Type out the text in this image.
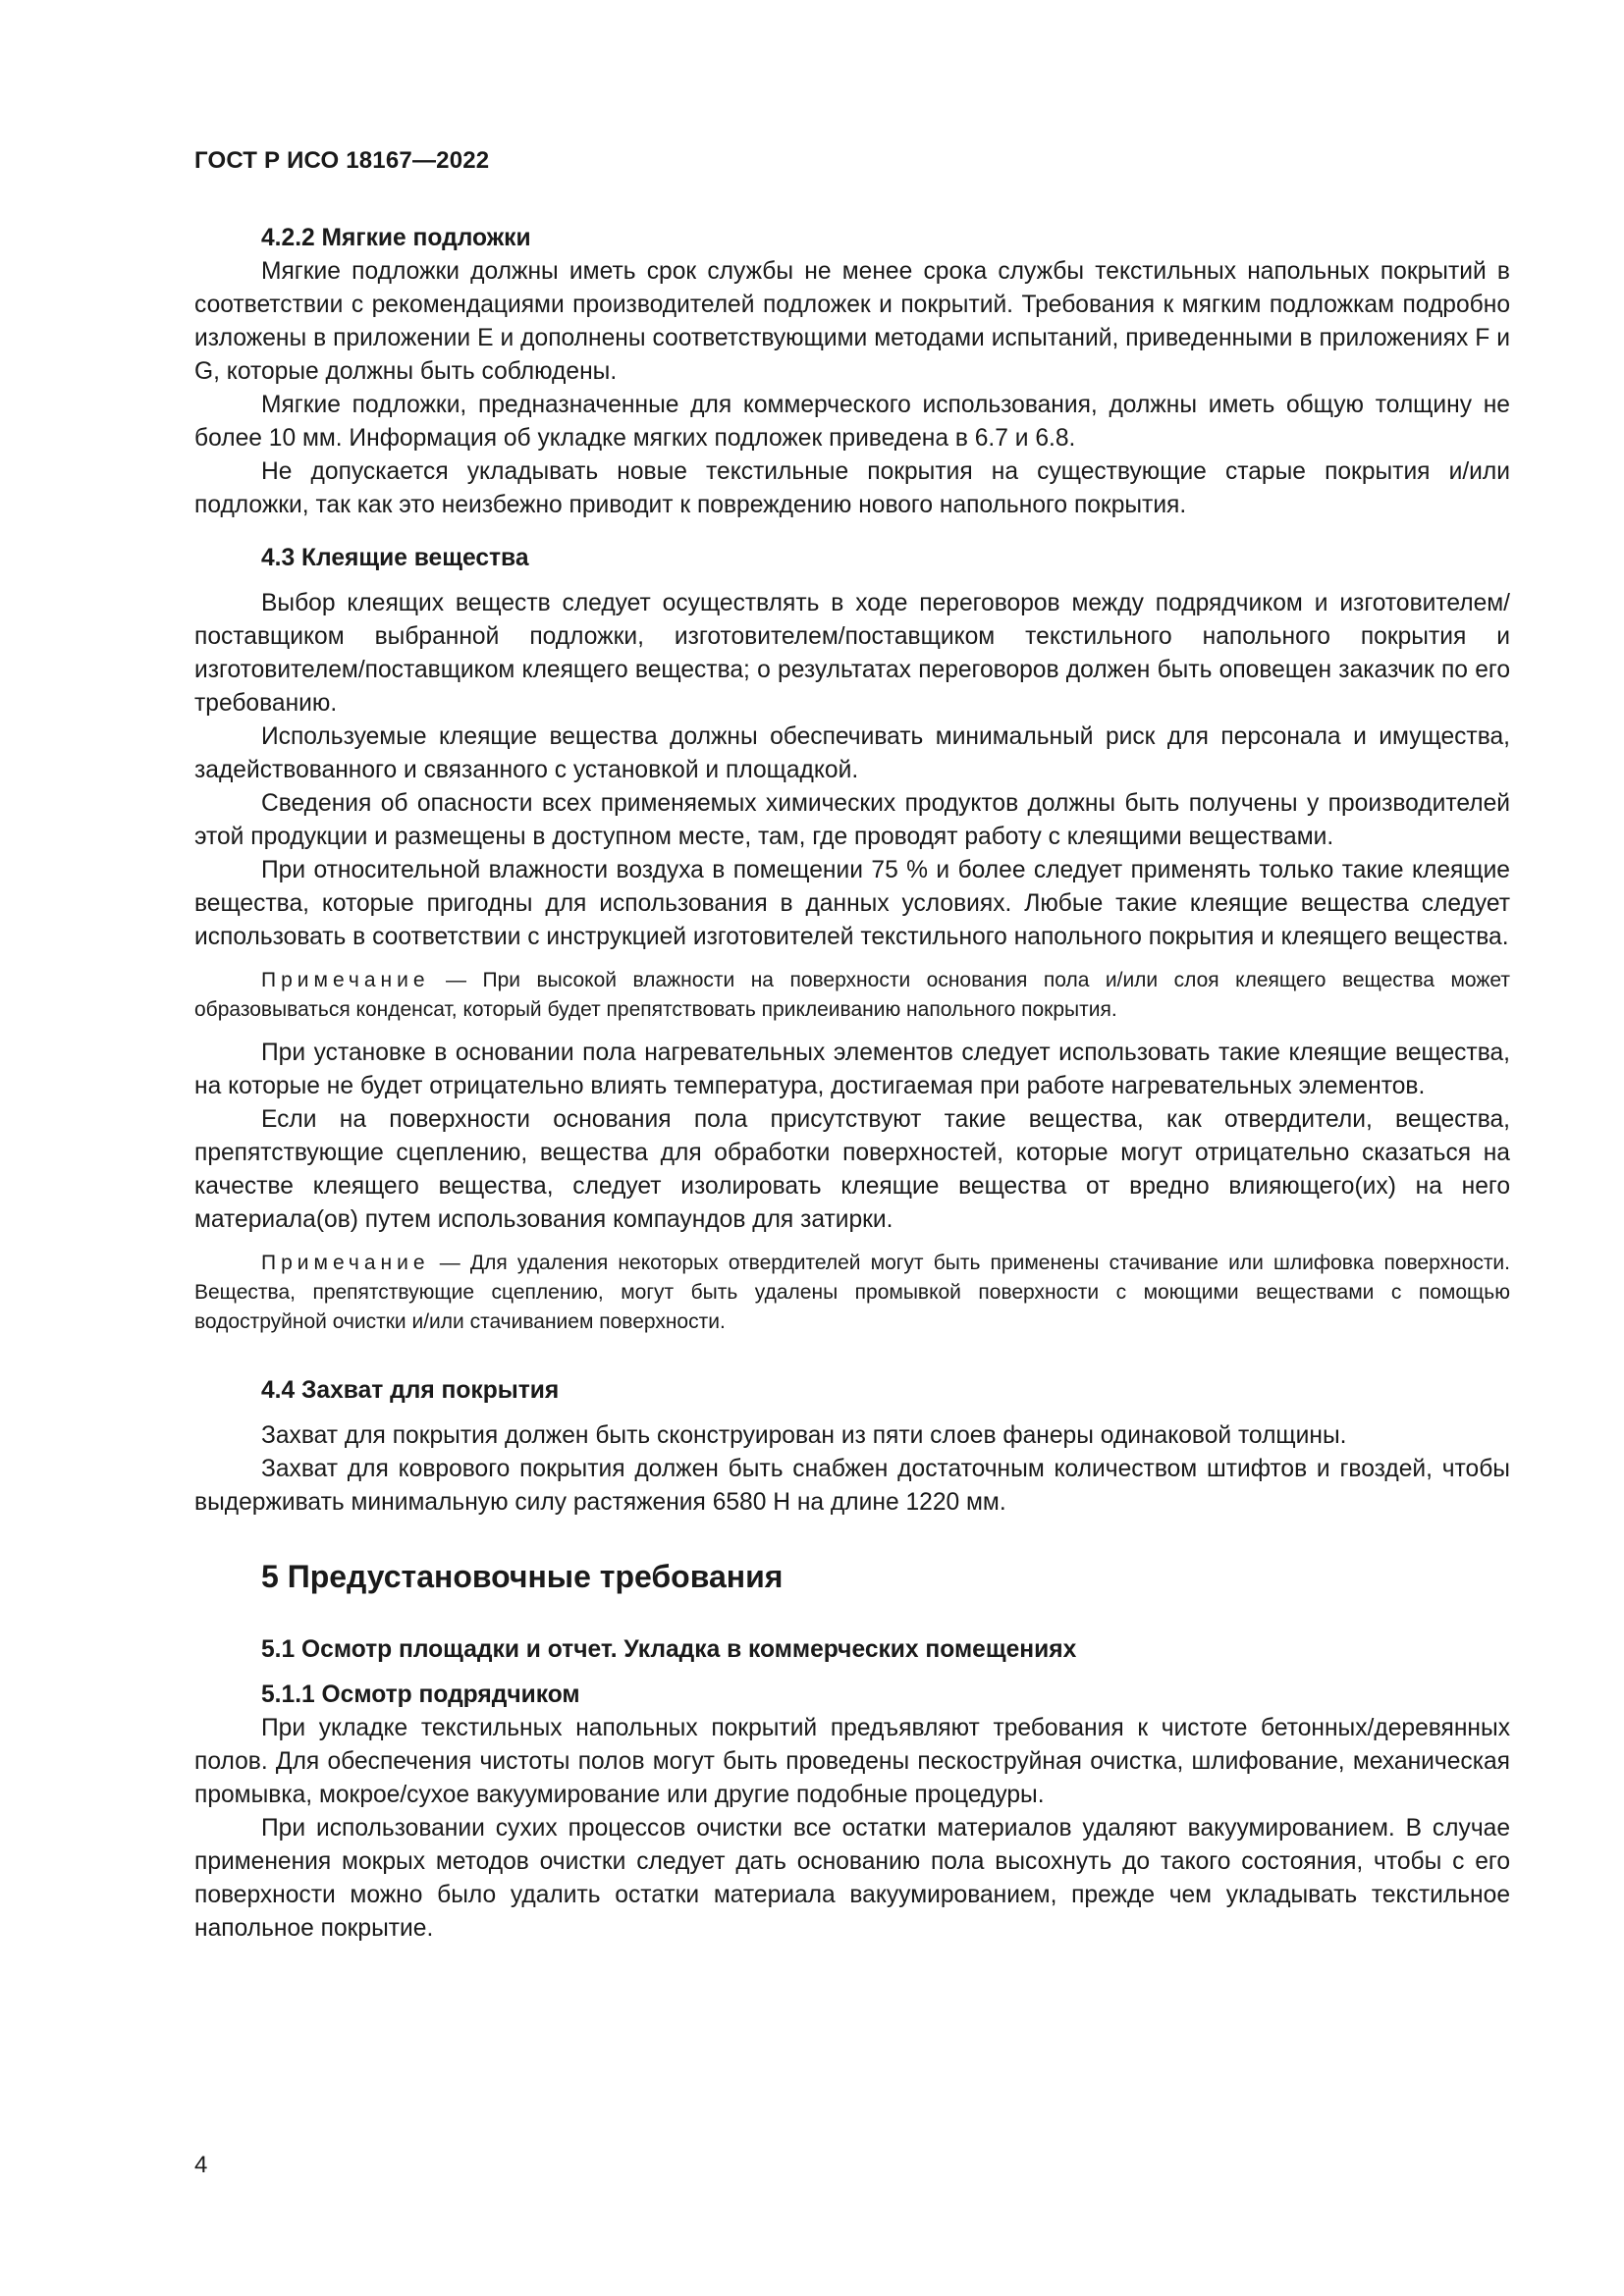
ГОСТ Р ИСО 18167—2022
4.2.2 Мягкие подложки

Мягкие подложки должны иметь срок службы не менее срока службы текстильных напольных покрытий в соответствии с рекомендациями производителей подложек и покрытий. Требования к мягким подложкам подробно изложены в приложении E и дополнены соответствующими методами испытаний, приведенными в приложениях F и G, которые должны быть соблюдены.

Мягкие подложки, предназначенные для коммерческого использования, должны иметь общую толщину не более 10 мм. Информация об укладке мягких подложек приведена в 6.7 и 6.8.

Не допускается укладывать новые текстильные покрытия на существующие старые покрытия и/или подложки, так как это неизбежно приводит к повреждению нового напольного покрытия.

4.3 Клеящие вещества

Выбор клеящих веществ следует осуществлять в ходе переговоров между подрядчиком и изготовителем/поставщиком выбранной подложки, изготовителем/поставщиком текстильного напольного покрытия и изготовителем/поставщиком клеящего вещества; о результатах переговоров должен быть оповещен заказчик по его требованию.

Используемые клеящие вещества должны обеспечивать минимальный риск для персонала и имущества, задействованного и связанного с установкой и площадкой.

Сведения об опасности всех применяемых химических продуктов должны быть получены у производителей этой продукции и размещены в доступном месте, там, где проводят работу с клеящими веществами.

При относительной влажности воздуха в помещении 75 % и более следует применять только такие клеящие вещества, которые пригодны для использования в данных условиях. Любые такие клеящие вещества следует использовать в соответствии с инструкцией изготовителей текстильного напольного покрытия и клеящего вещества.

Примечание — При высокой влажности на поверхности основания пола и/или слоя клеящего вещества может образовываться конденсат, который будет препятствовать приклеиванию напольного покрытия.

При установке в основании пола нагревательных элементов следует использовать такие клеящие вещества, на которые не будет отрицательно влиять температура, достигаемая при работе нагревательных элементов.

Если на поверхности основания пола присутствуют такие вещества, как отвердители, вещества, препятствующие сцеплению, вещества для обработки поверхностей, которые могут отрицательно сказаться на качестве клеящего вещества, следует изолировать клеящие вещества от вредно влияющего(их) на него материала(ов) путем использования компаундов для затирки.

Примечание — Для удаления некоторых отвердителей могут быть применены стачивание или шлифовка поверхности. Вещества, препятствующие сцеплению, могут быть удалены промывкой поверхности с моющими веществами с помощью водоструйной очистки и/или стачиванием поверхности.
4.4 Захват для покрытия

Захват для покрытия должен быть сконструирован из пяти слоев фанеры одинаковой толщины.

Захват для коврового покрытия должен быть снабжен достаточным количеством штифтов и гвоздей, чтобы выдерживать минимальную силу растяжения 6580 Н на длине 1220 мм.

5 Предустановочные требования
5.1 Осмотр площадки и отчет. Укладка в коммерческих помещениях
5.1.1 Осмотр подрядчиком

При укладке текстильных напольных покрытий предъявляют требования к чистоте бетонных/деревянных полов. Для обеспечения чистоты полов могут быть проведены пескоструйная очистка, шлифование, механическая промывка, мокрое/сухое вакуумирование или другие подобные процедуры.

При использовании сухих процессов очистки все остатки материалов удаляют вакуумированием. В случае применения мокрых методов очистки следует дать основанию пола высохнуть до такого состояния, чтобы с его поверхности можно было удалить остатки материала вакуумированием, прежде чем укладывать текстильное напольное покрытие.

4
